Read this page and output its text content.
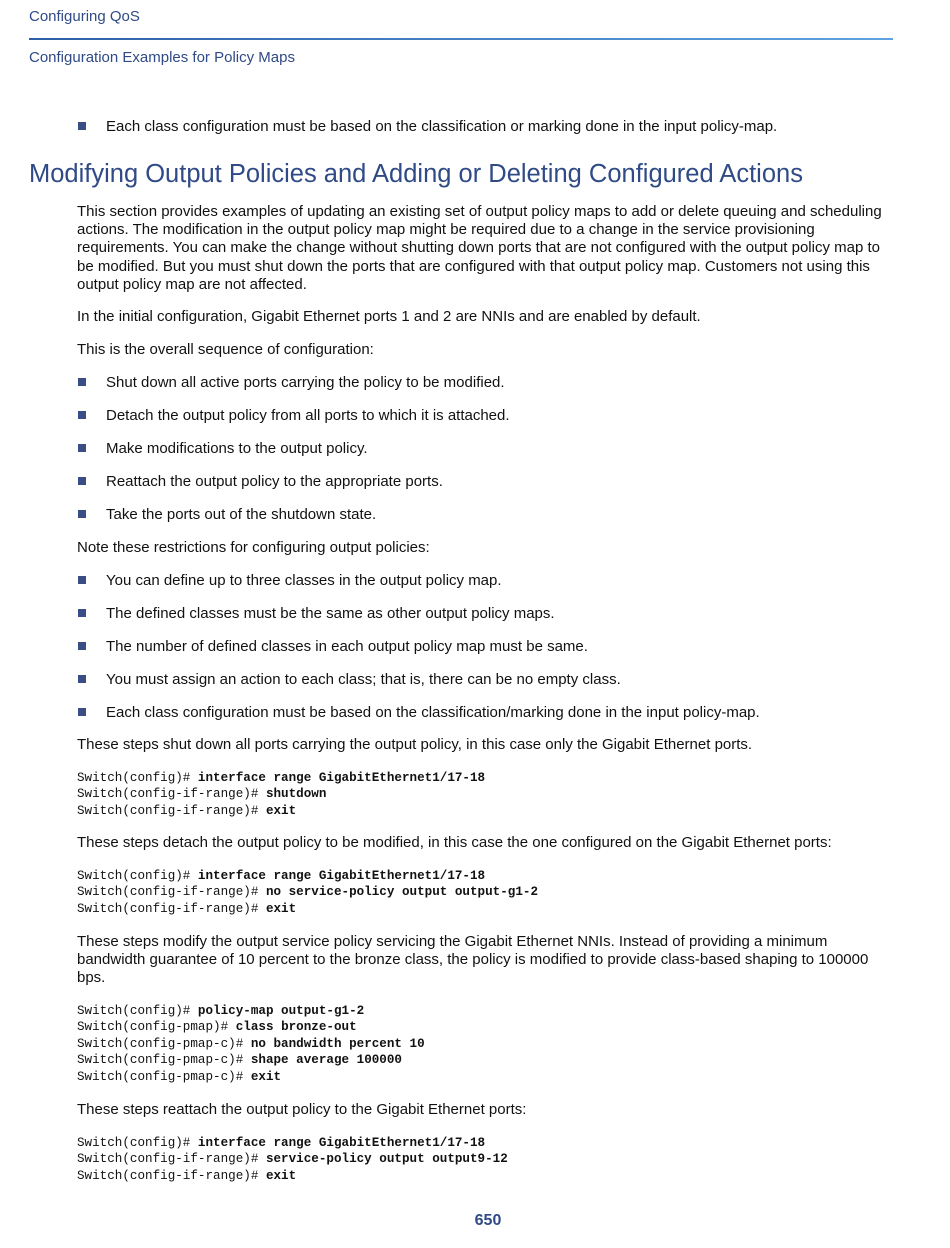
Configuring QoS
Configuration Examples for Policy Maps
Each class configuration must be based on the classification or marking done in the input policy-map.
Modifying Output Policies and Adding or Deleting Configured Actions

This section provides examples of updating an existing set of output policy maps to add or delete queuing and scheduling actions. The modification in the output policy map might be required due to a change in the service provisioning requirements. You can make the change without shutting down ports that are not configured with the output policy map to be modified. But you must shut down the ports that are configured with that output policy map. Customers not using this output policy map are not affected.

In the initial configuration, Gigabit Ethernet ports 1 and 2 are NNIs and are enabled by default.

This is the overall sequence of configuration:

Shut down all active ports carrying the policy to be modified.
Detach the output policy from all ports to which it is attached.
Make modifications to the output policy.
Reattach the output policy to the appropriate ports.
Take the ports out of the shutdown state.

Note these restrictions for configuring output policies:

You can define up to three classes in the output policy map.
The defined classes must be the same as other output policy maps.
The number of defined classes in each output policy map must be same.
You must assign an action to each class; that is, there can be no empty class.
Each class configuration must be based on the classification/marking done in the input policy-map.

These steps shut down all ports carrying the output policy, in this case only the Gigabit Ethernet ports.

Switch(config)# interface range GigabitEthernet1/17-18
Switch(config-if-range)# shutdown
Switch(config-if-range)# exit

These steps detach the output policy to be modified, in this case the one configured on the Gigabit Ethernet ports:

Switch(config)# interface range GigabitEthernet1/17-18
Switch(config-if-range)# no service-policy output output-g1-2
Switch(config-if-range)# exit

These steps modify the output service policy servicing the Gigabit Ethernet NNIs. Instead of providing a minimum bandwidth guarantee of 10 percent to the bronze class, the policy is modified to provide class-based shaping to 100000 bps.

Switch(config)# policy-map output-g1-2
Switch(config-pmap)# class bronze-out
Switch(config-pmap-c)# no bandwidth percent 10
Switch(config-pmap-c)# shape average 100000
Switch(config-pmap-c)# exit

These steps reattach the output policy to the Gigabit Ethernet ports:

Switch(config)# interface range GigabitEthernet1/17-18
Switch(config-if-range)# service-policy output output9-12
Switch(config-if-range)# exit
650
